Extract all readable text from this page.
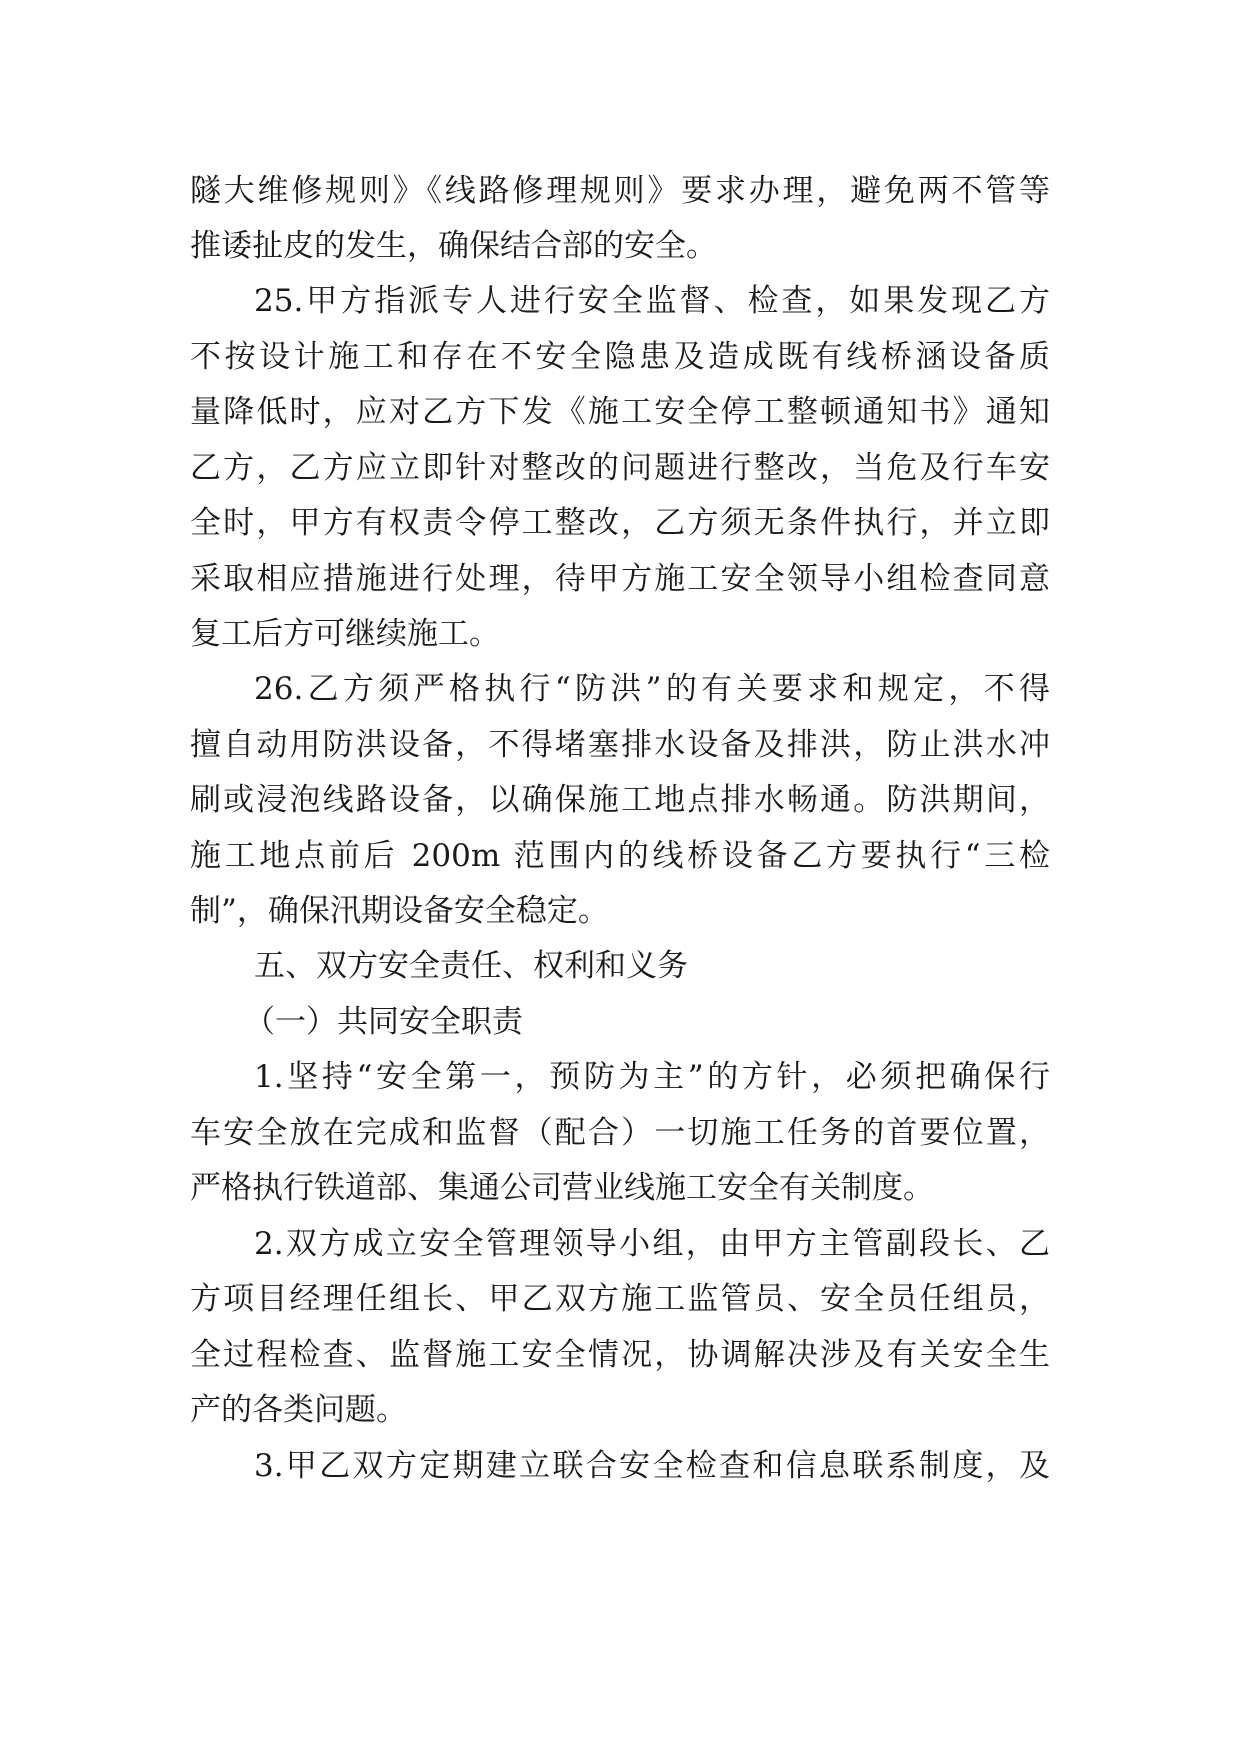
隧大维修规则》《线路修理规则》要求办理，避免两不管等
推诿扯皮的发生，确保结合部的安全。
25.甲方指派专人进行安全监督、检查，如果发现乙方
不按设计施工和存在不安全隐患及造成既有线桥涵设备质
量降低时，应对乙方下发《施工安全停工整顿通知书》通知
乙方，乙方应立即针对整改的问题进行整改，当危及行车安
全时，甲方有权责令停工整改，乙方须无条件执行，并立即
采取相应措施进行处理，待甲方施工安全领导小组检查同意
复工后方可继续施工。
26.乙方须严格执行“防洪”的有关要求和规定，不得
擅自动用防洪设备，不得堵塞排水设备及排洪，防止洪水冲
刷或浸泡线路设备，以确保施工地点排水畅通。防洪期间，
施工地点前后 200m 范围内的线桥设备乙方要执行“三检
制”，确保汛期设备安全稳定。
五、双方安全责任、权利和义务
（一）共同安全职责
1.坚持“安全第一，预防为主”的方针，必须把确保行
车安全放在完成和监督（配合）一切施工任务的首要位置，
严格执行铁道部、集通公司营业线施工安全有关制度。
2.双方成立安全管理领导小组，由甲方主管副段长、乙
方项目经理任组长、甲乙双方施工监管员、安全员任组员，
全过程检查、监督施工安全情况，协调解决涉及有关安全生
产的各类问题。
3.甲乙双方定期建立联合安全检查和信息联系制度，及
